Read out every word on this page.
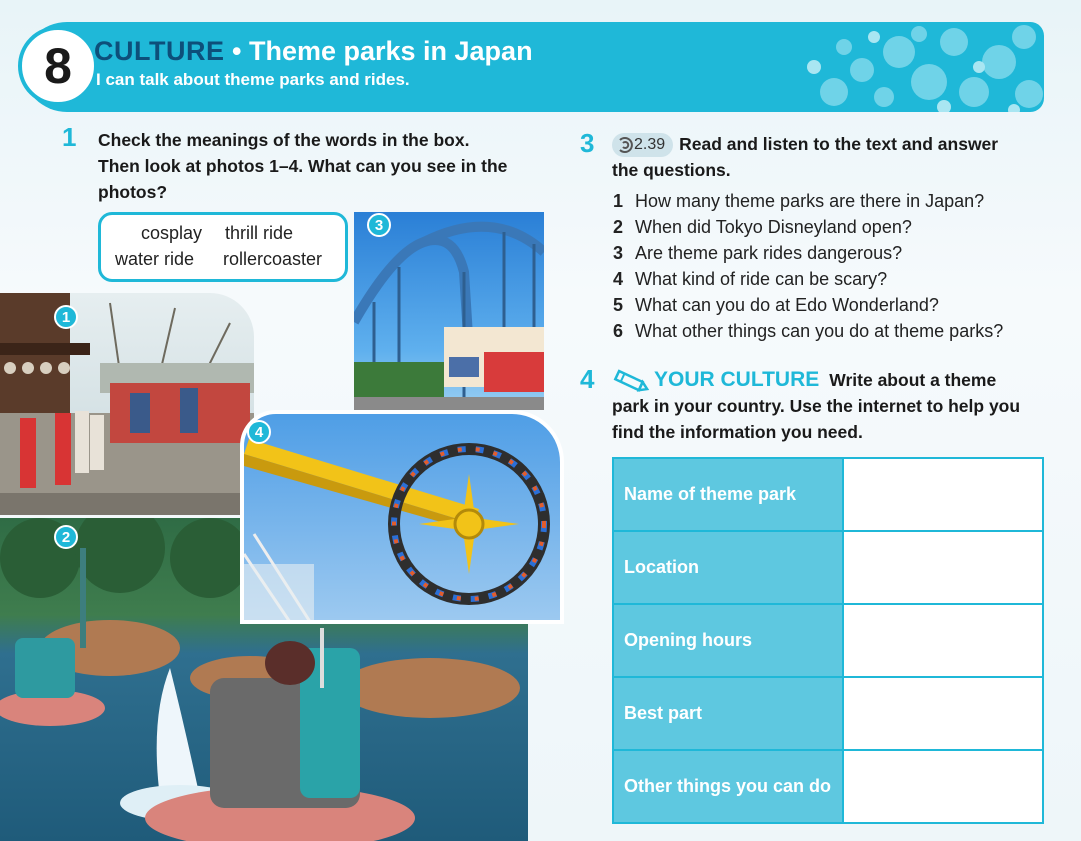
8 CULTURE • Theme parks in Japan
I can talk about theme parks and rides.
1 Check the meanings of the words in the box.
Then look at photos 1–4. What can you see in the
photos?
cosplay thrill ride
water ride rollercoaster
3
1
2
4
3 2.39 Read and listen to the text and answer
the questions.
1 How many theme parks are there in Japan?
2 When did Tokyo Disneyland open?
3 Are theme park rides dangerous?
4 What kind of ride can be scary?
5 What can you do at Edo Wonderland?
6 What other things can you do at theme parks?
4	YOUR CULTURE Write about a theme
park in your country. Use the internet to help you
find the information you need.
Name of theme park	
Location	
Opening hours	
Best part	
Other things you can do	
